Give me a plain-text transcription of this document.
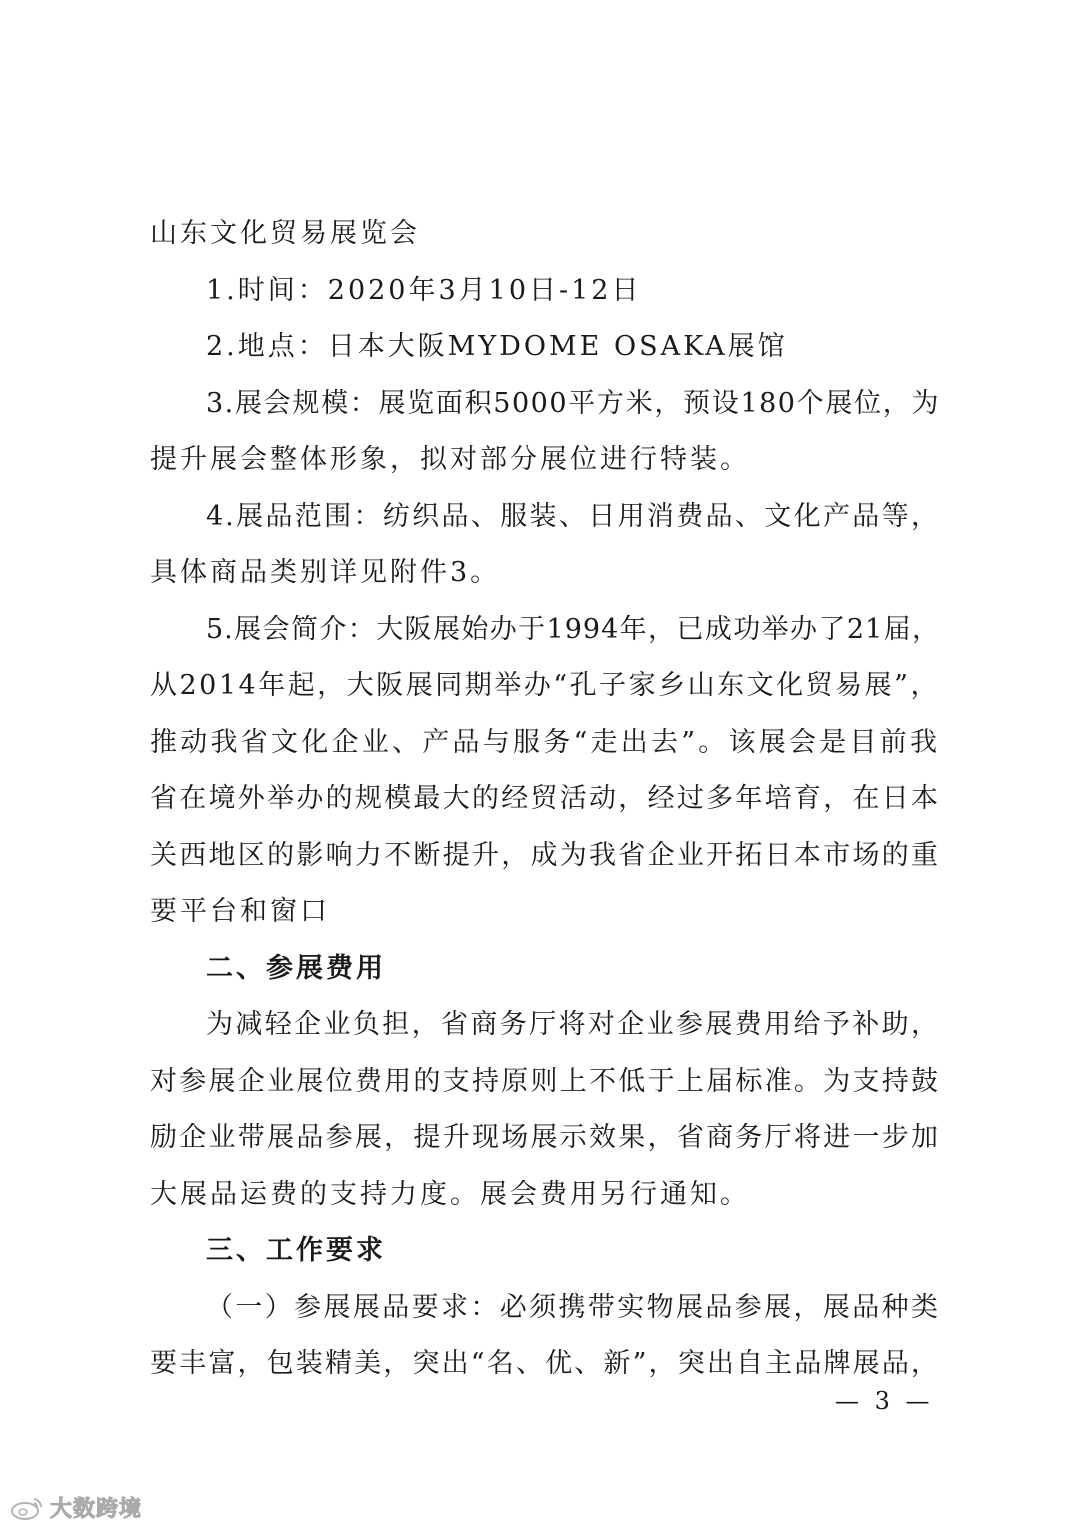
山东文化贸易展览会
1.时间：2020年3月10日-12日
2.地点：日本大阪MYDOME OSAKA展馆
3.展会规模：展览面积5000平方米，预设180个展位，为
提升展会整体形象，拟对部分展位进行特装。
4.展品范围：纺织品、服装、日用消费品、文化产品等，
具体商品类别详见附件3。
5.展会简介：大阪展始办于1994年，已成功举办了21届，
从2014年起，大阪展同期举办“孔子家乡山东文化贸易展”，
推动我省文化企业、产品与服务“走出去”。该展会是目前我
省在境外举办的规模最大的经贸活动，经过多年培育，在日本
关西地区的影响力不断提升，成为我省企业开拓日本市场的重
要平台和窗口
二、参展费用
为减轻企业负担，省商务厅将对企业参展费用给予补助，
对参展企业展位费用的支持原则上不低于上届标准。为支持鼓
励企业带展品参展，提升现场展示效果，省商务厅将进一步加
大展品运费的支持力度。展会费用另行通知。
三、工作要求
（一）参展展品要求：必须携带实物展品参展，展品种类
要丰富，包装精美，突出“名、优、新”，突出自主品牌展品，
— 3 —
大数跨境
